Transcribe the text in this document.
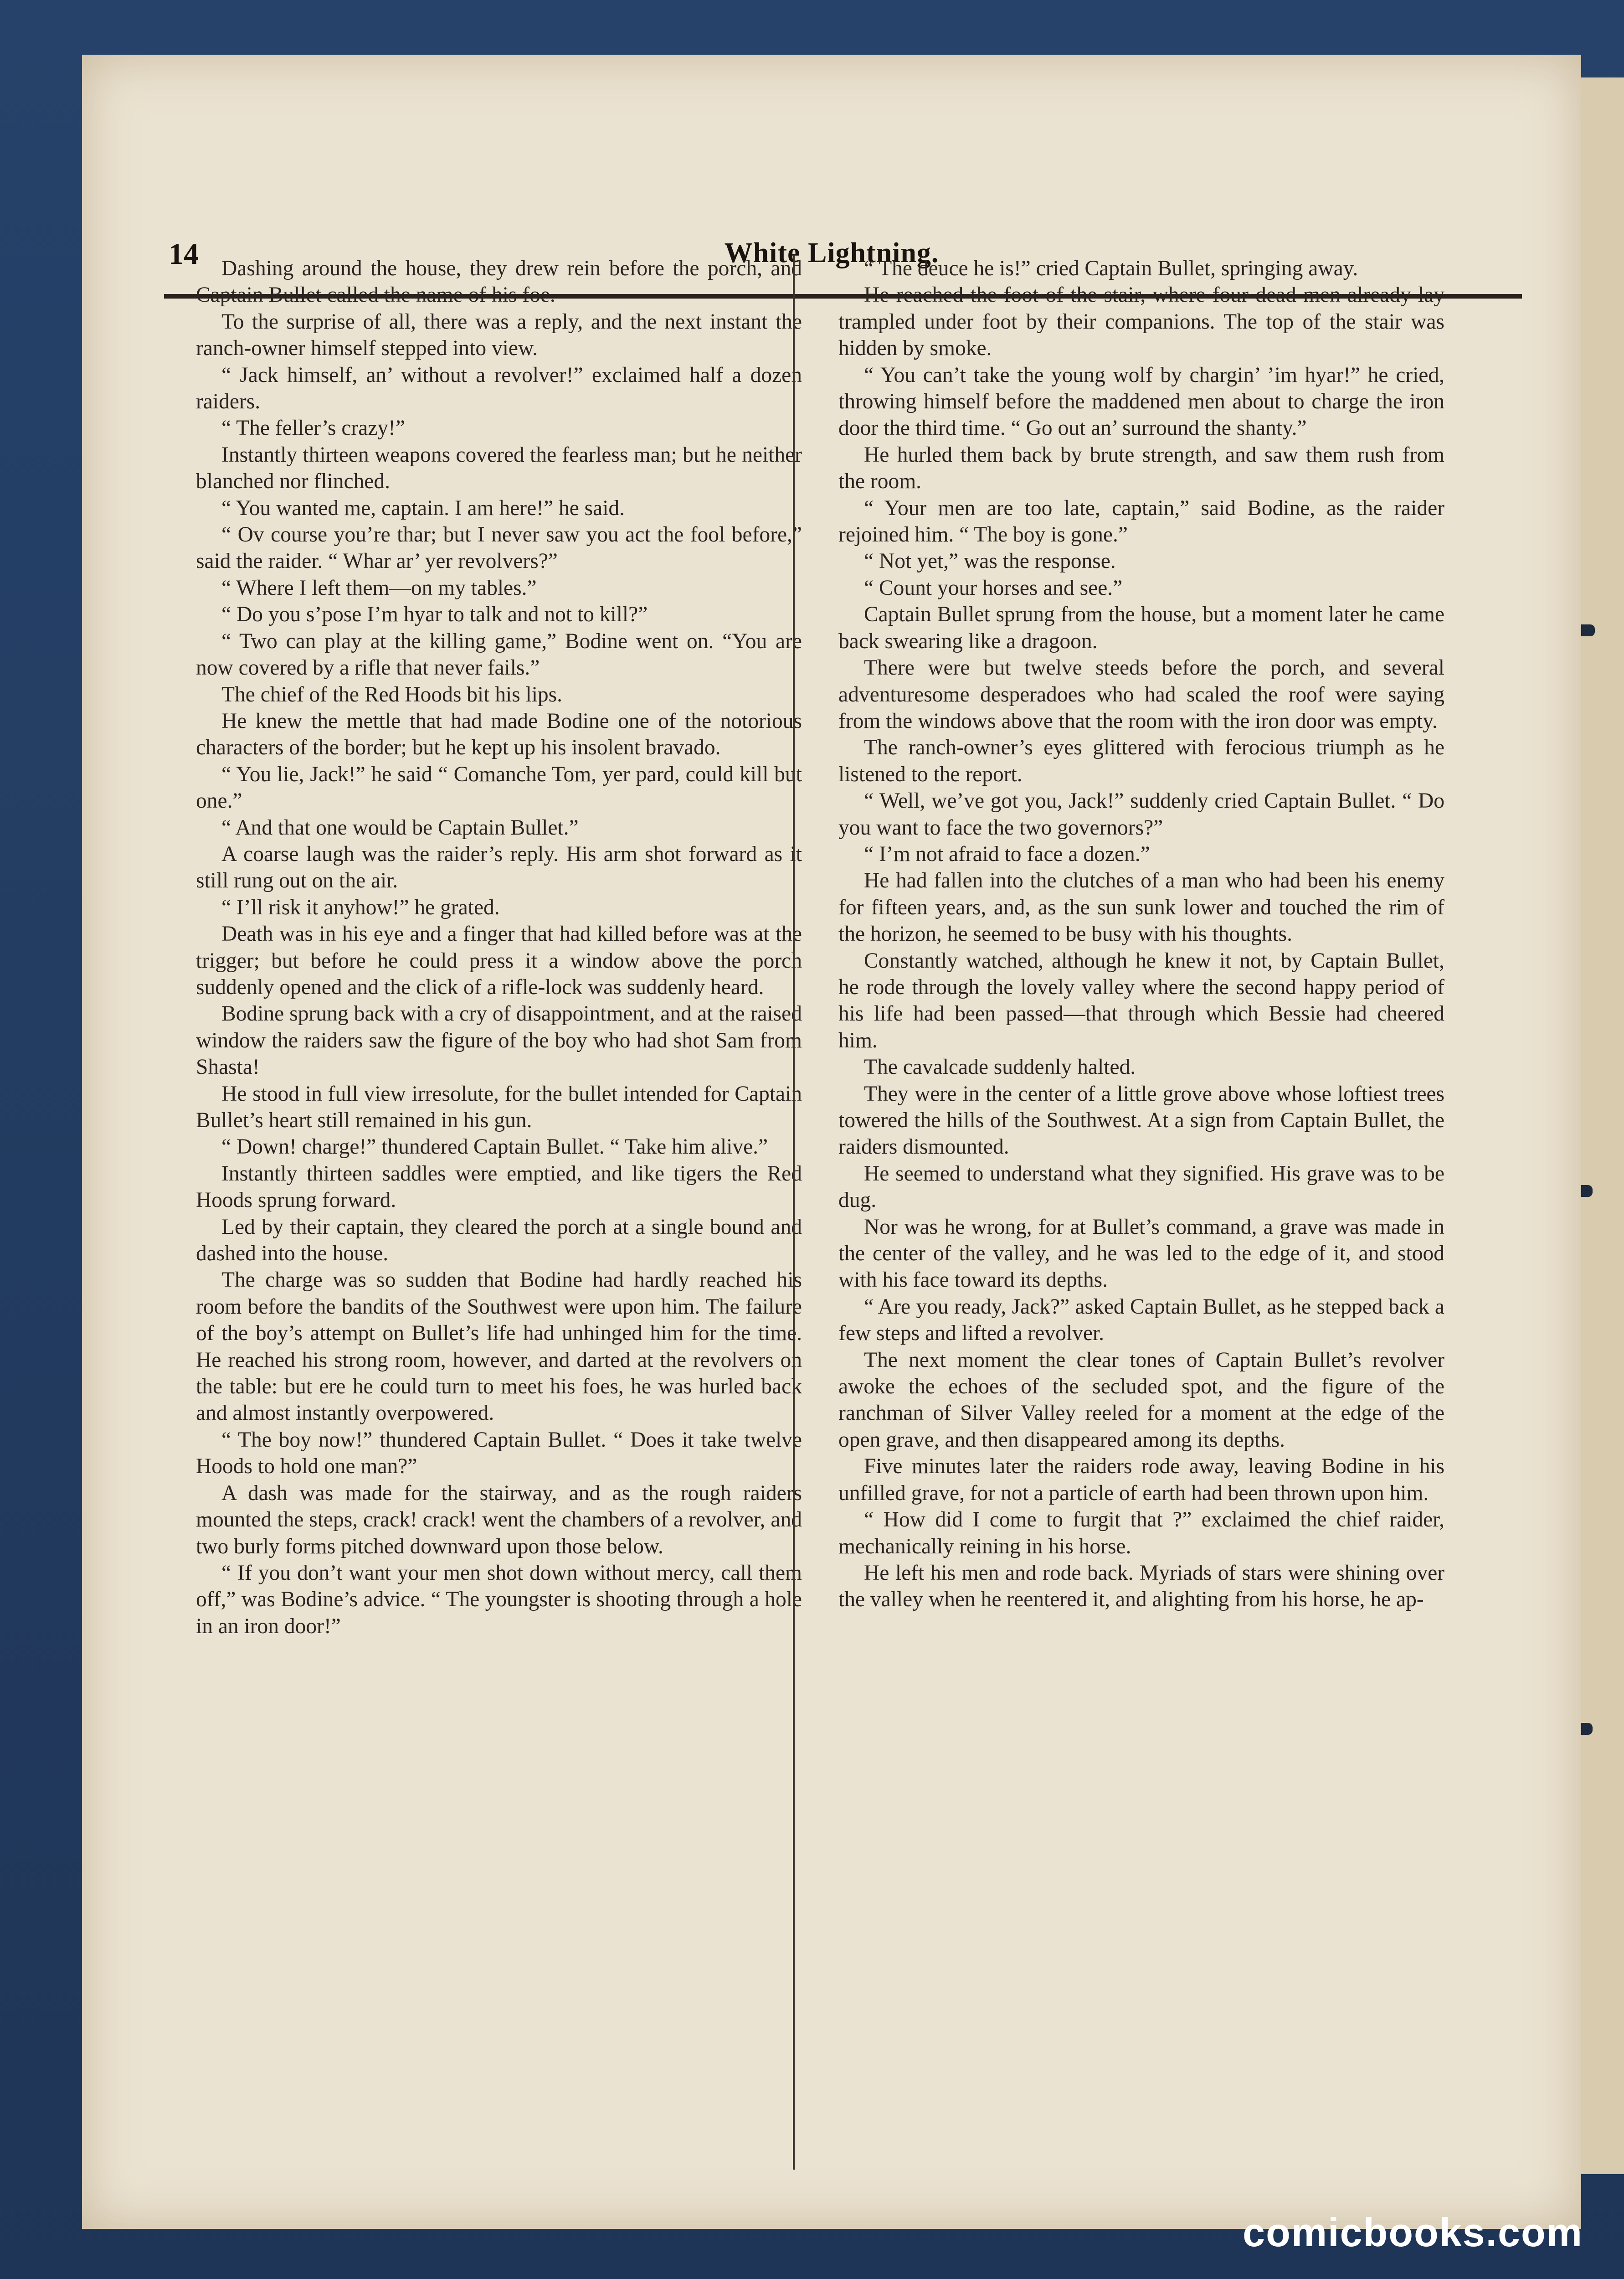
14	White Lightning.

Dashing around the house, they drew rein before the porch, and Captain Bullet called the name of his foe.

To the surprise of all, there was a reply, and the next instant the ranch-owner himself stepped into view.

“ Jack himself, an’ without a revolver!” exclaimed half a dozen raiders.

“ The feller’s crazy!”

Instantly thirteen weapons covered the fearless man; but he neither blanched nor flinched.

“ You wanted me, captain. I am here!” he said.

“ Ov course you’re thar; but I never saw you act the fool before,” said the raider. “ Whar ar’ yer revolvers?”

“ Where I left them—on my tables.”

“ Do you s’pose I’m hyar to talk and not to kill?”

“ Two can play at the killing game,” Bodine went on. “You are now covered by a rifle that never fails.”

The chief of the Red Hoods bit his lips.

He knew the mettle that had made Bodine one of the notorious characters of the border; but he kept up his insolent bravado.

“ You lie, Jack!” he said “ Comanche Tom, yer pard, could kill but one.”

“ And that one would be Captain Bullet.”

A coarse laugh was the raider’s reply. His arm shot forward as it still rung out on the air.

“ I’ll risk it anyhow!” he grated.

Death was in his eye and a finger that had killed before was at the trigger; but before he could press it a window above the porch suddenly opened and the click of a rifle-lock was suddenly heard.

Bodine sprung back with a cry of disappointment, and at the raised window the raiders saw the figure of the boy who had shot Sam from Shasta!

He stood in full view irresolute, for the bullet intended for Captain Bullet’s heart still remained in his gun.

“ Down! charge!” thundered Captain Bullet. “ Take him alive.”

Instantly thirteen saddles were emptied, and like tigers the Red Hoods sprung forward.

Led by their captain, they cleared the porch at a single bound and dashed into the house.

The charge was so sudden that Bodine had hardly reached his room before the bandits of the Southwest were upon him. The failure of the boy’s attempt on Bullet’s life had unhinged him for the time. He reached his strong room, however, and darted at the revolvers on the table: but ere he could turn to meet his foes, he was hurled back and almost instantly overpowered.

“ The boy now!” thundered Captain Bullet. “ Does it take twelve Hoods to hold one man?”

A dash was made for the stairway, and as the rough raiders mounted the steps, crack! crack! went the chambers of a revolver, and two burly forms pitched downward upon those below.

“ If you don’t want your men shot down without mercy, call them off,” was Bodine’s advice. “ The youngster is shooting through a hole in an iron door!”

“ The deuce he is!” cried Captain Bullet, springing away.

He reached the foot of the stair, where four dead men already lay trampled under foot by their companions. The top of the stair was hidden by smoke.

“ You can’t take the young wolf by chargin’ ’im hyar!” he cried, throwing himself before the maddened men about to charge the iron door the third time. “ Go out an’ surround the shanty.”

He hurled them back by brute strength, and saw them rush from the room.

“ Your men are too late, captain,” said Bodine, as the raider rejoined him. “ The boy is gone.”

“ Not yet,” was the response.

“ Count your horses and see.”

Captain Bullet sprung from the house, but a moment later he came back swearing like a dragoon.

There were but twelve steeds before the porch, and several adventuresome desperadoes who had scaled the roof were saying from the windows above that the room with the iron door was empty.

The ranch-owner’s eyes glittered with ferocious triumph as he listened to the report.

“ Well, we’ve got you, Jack!” suddenly cried Captain Bullet. “ Do you want to face the two governors?”

“ I’m not afraid to face a dozen.”

He had fallen into the clutches of a man who had been his enemy for fifteen years, and, as the sun sunk lower and touched the rim of the horizon, he seemed to be busy with his thoughts.

Constantly watched, although he knew it not, by Captain Bullet, he rode through the lovely valley where the second happy period of his life had been passed—that through which Bessie had cheered him.

The cavalcade suddenly halted.

They were in the center of a little grove above whose loftiest trees towered the hills of the Southwest. At a sign from Captain Bullet, the raiders dismounted.

He seemed to understand what they signified. His grave was to be dug.

Nor was he wrong, for at Bullet’s command, a grave was made in the center of the valley, and he was led to the edge of it, and stood with his face toward its depths.

“ Are you ready, Jack?” asked Captain Bullet, as he stepped back a few steps and lifted a revolver.

The next moment the clear tones of Captain Bullet’s revolver awoke the echoes of the secluded spot, and the figure of the ranchman of Silver Valley reeled for a moment at the edge of the open grave, and then disappeared among its depths.

Five minutes later the raiders rode away, leaving Bodine in his unfilled grave, for not a particle of earth had been thrown upon him.

“ How did I come to furgit that ?” exclaimed the chief raider, mechanically reining in his horse.

He left his men and rode back. Myriads of stars were shining over the valley when he reentered it, and alighting from his horse, he ap-

comicbooks.com
